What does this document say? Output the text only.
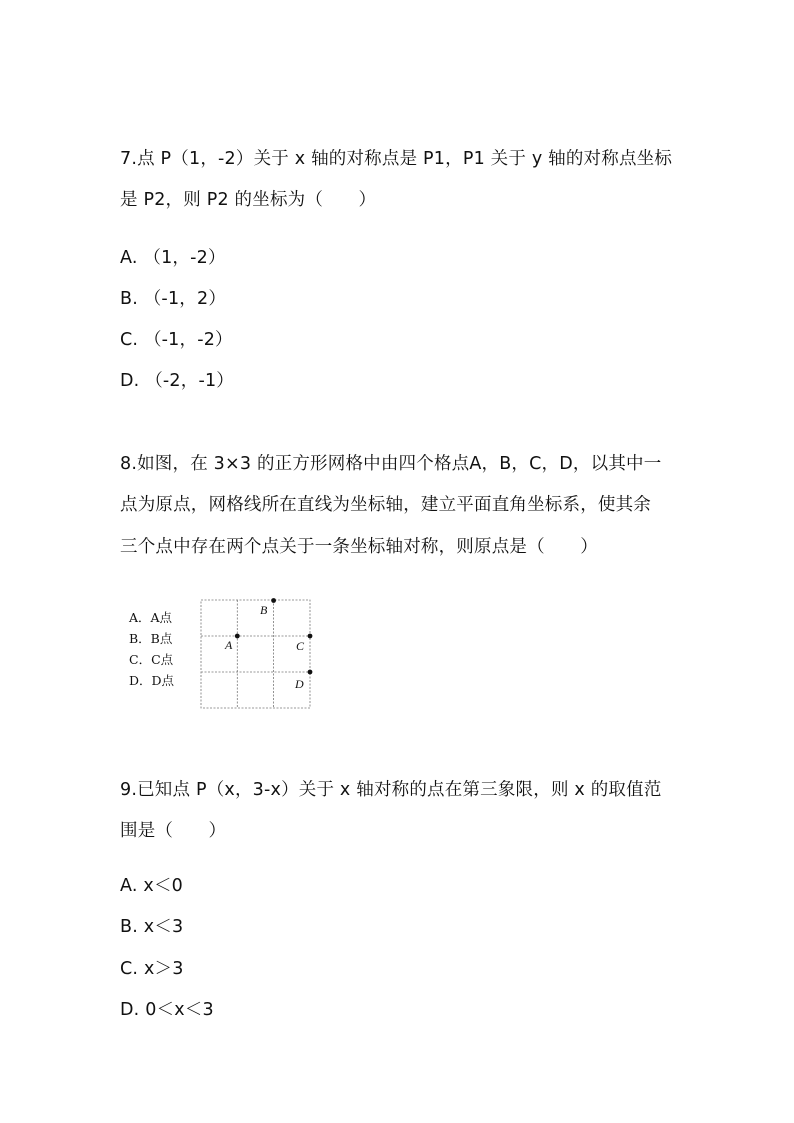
7.点 P（1，-2）关于 x 轴的对称点是 P1，P1 关于 y 轴的对称点坐标
是 P2，则 P2 的坐标为（　　）
A. （1，-2）
B. （-1，2）
C. （-1，-2）
D. （-2，-1）
8.如图，在 3×3 的正方形网格中由四个格点A，B，C，D，以其中一
点为原点，网格线所在直线为坐标轴，建立平面直角坐标系，使其余
三个点中存在两个点关于一条坐标轴对称，则原点是（　　）
A．A点
B．B点
C．C点
D．D点
A
B
C
D
9.已知点 P（x，3-x）关于 x 轴对称的点在第三象限，则 x 的取值范
围是（　　）
A. x＜0
B. x＜3
C. x＞3
D. 0＜x＜3
